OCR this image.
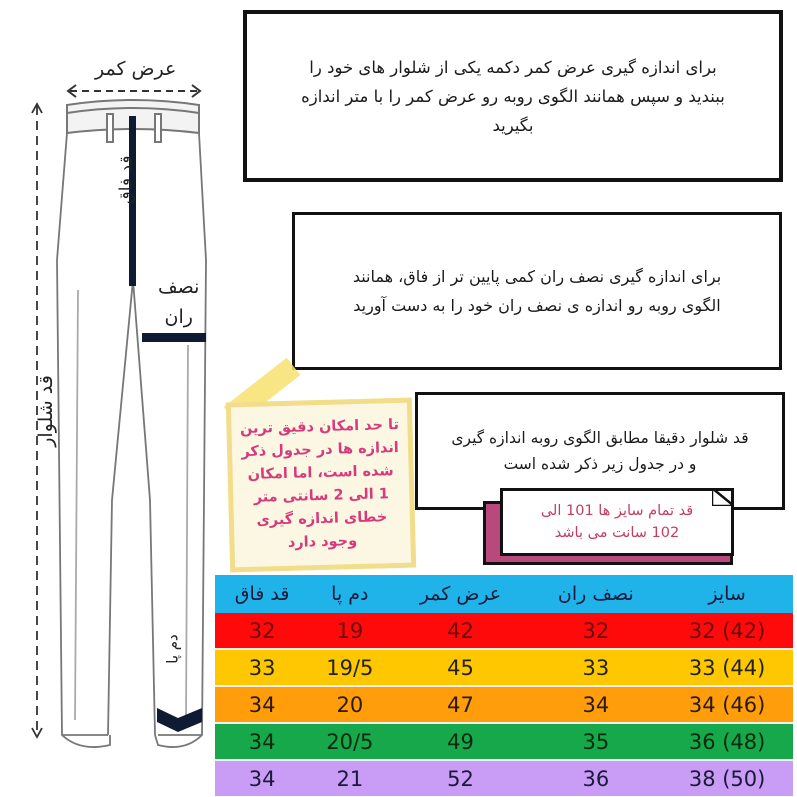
عرض کمر
نصف
ران
قد شلوار
قد فاق
دم پا
برای اندازه گیری عرض کمر دکمه یکی از شلوار های خود را ببندید و سپس همانند الگوی روبه رو عرض کمر را با متر اندازه بگیرید
برای اندازه گیری نصف ران کمی پایین تر از فاق، همانند الگوی روبه رو اندازه ی نصف ران خود را به دست آورید
قد شلوار دقیقا مطابق الگوی روبه اندازه گیری و در جدول زیر ذکر شده است
قد تمام سایز ها 101 الی 102 سانت می باشد
تا حد امکان دقیق ترین اندازه ها در جدول ذکر شده است، اما امکان 1 الی 2 سانتی متر خطای اندازه گیری وجود دارد
قد فاق	دم پا	عرض کمر	نصف ران	سایز
32	19	42	32	32 (42)
33	19/5	45	33	33 (44)
34	20	47	34	34 (46)
34	20/5	49	35	36 (48)
34	21	52	36	38 (50)
